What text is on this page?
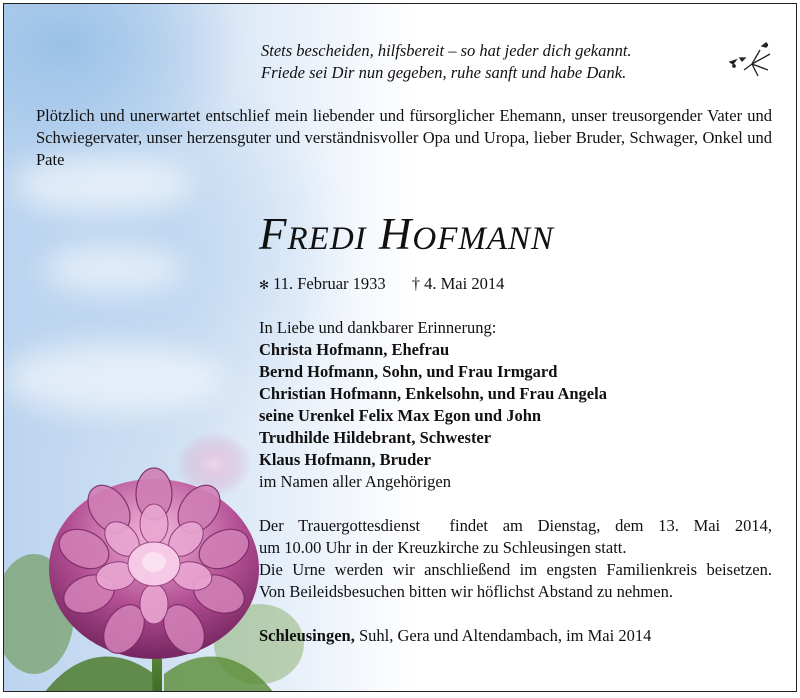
Stets bescheiden, hilfsbereit – so hat jeder dich gekannt.
Friede sei Dir nun gegeben, ruhe sanft und habe Dank.
Plötzlich und unerwartet entschlief mein liebender und fürsorglicher Ehemann, unser treusorgender Vater und Schwiegervater, unser herzensguter und verständnisvoller Opa und Uropa, lieber Bruder, Schwager, Onkel und Pate
FREDI HOFMANN
✻ 11. Februar 1933 † 4. Mai 2014
In Liebe und dankbarer Erinnerung:
Christa Hofmann, Ehefrau
Bernd Hofmann, Sohn, und Frau Irmgard
Christian Hofmann, Enkelsohn, und Frau Angela
seine Urenkel Felix Max Egon und John
Trudhilde Hildebrant, Schwester
Klaus Hofmann, Bruder
im Namen aller Angehörigen
Der Trauergottesdienst  findet am Dienstag, dem 13. Mai 2014,
um 10.00 Uhr in der Kreuzkirche zu Schleusingen statt.
Die Urne werden wir anschließend im engsten Familienkreis beisetzen.
Von Beileidsbesuchen bitten wir höflichst Abstand zu nehmen.
Schleusingen, Suhl, Gera und Altendambach, im Mai 2014
